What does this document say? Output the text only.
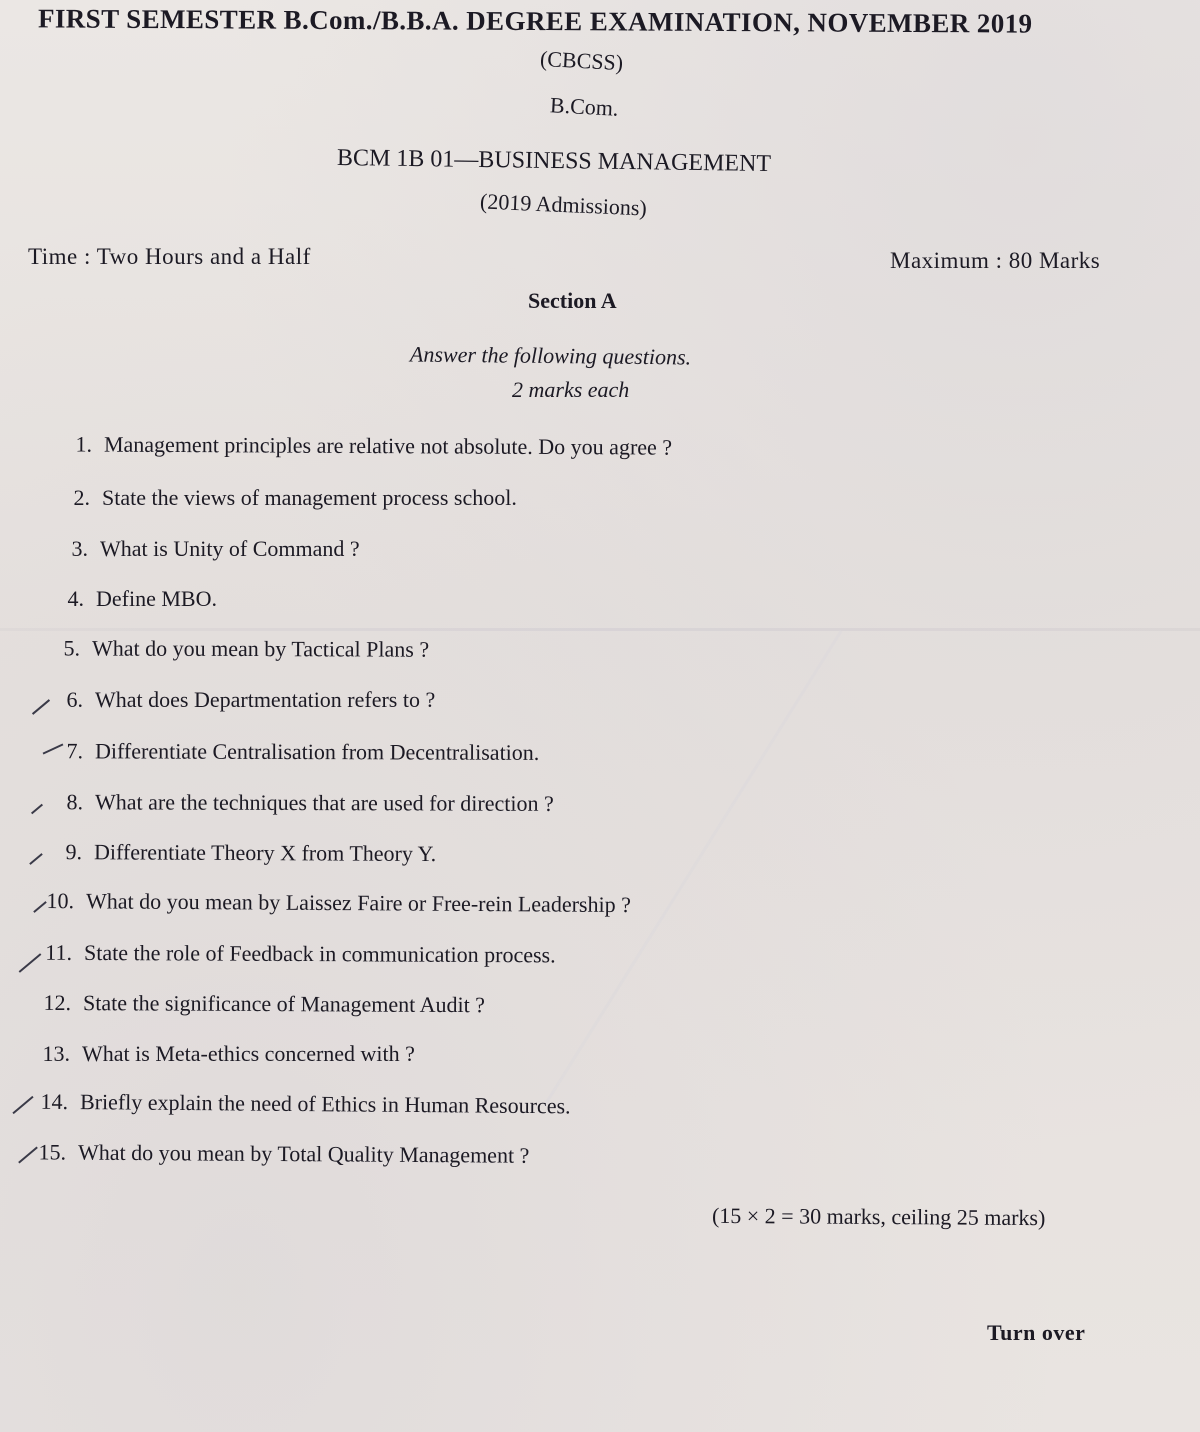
FIRST SEMESTER B.Com./B.B.A. DEGREE EXAMINATION, NOVEMBER 2019
(CBCSS)
B.Com.
BCM 1B 01—BUSINESS MANAGEMENT
(2019 Admissions)
Time : Two Hours and a Half	Maximum : 80 Marks
Section A
Answer the following questions.
2 marks each
1. Management principles are relative not absolute. Do you agree ?
2. State the views of management process school.
3. What is Unity of Command ?
4. Define MBO.
5. What do you mean by Tactical Plans ?
6. What does Departmentation refers to ?
7. Differentiate Centralisation from Decentralisation.
8. What are the techniques that are used for direction ?
9. Differentiate Theory X from Theory Y.
10. What do you mean by Laissez Faire or Free-rein Leadership ?
11. State the role of Feedback in communication process.
12. State the significance of Management Audit ?
13. What is Meta-ethics concerned with ?
14. Briefly explain the need of Ethics in Human Resources.
15. What do you mean by Total Quality Management ?
(15 × 2 = 30 marks, ceiling 25 marks)
Turn over
